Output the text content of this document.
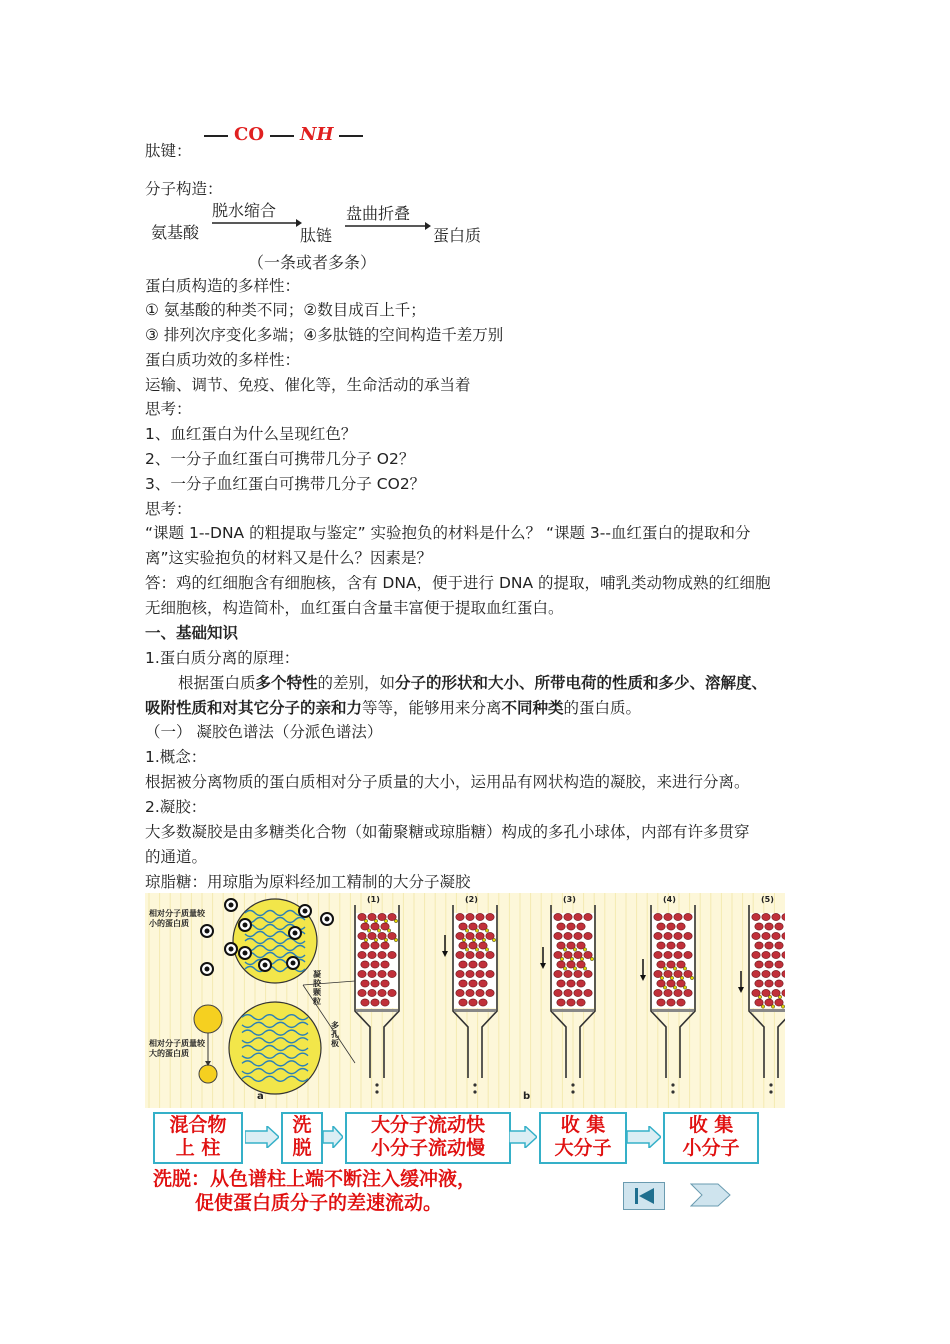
肽键：
CO NH
分子构造：
氨基酸
脱水缩合
肽链
盘曲折叠
蛋白质
（一条或者多条）
蛋白质构造的多样性：
① 氨基酸的种类不同；②数目成百上千；
③ 排列次序变化多端；④多肽链的空间构造千差万别
蛋白质功效的多样性：
运输、调节、免疫、催化等，生命活动的承当着
思考：
1、血红蛋白为什么呈现红色？
2、一分子血红蛋白可携带几分子 O2？
3、一分子血红蛋白可携带几分子 CO2？
思考：
“课题 1--DNA 的粗提取与鉴定” 实验抱负的材料是什么？ “课题 3--血红蛋白的提取和分
离”这实验抱负的材料又是什么？因素是？
答：鸡的红细胞含有细胞核，含有 DNA，便于进行 DNA 的提取，哺乳类动物成熟的红细胞
无细胞核，构造简朴，血红蛋白含量丰富便于提取血红蛋白。
一、基础知识
1.蛋白质分离的原理：
根据蛋白质多个特性的差别，如分子的形状和大小、所带电荷的性质和多少、溶解度、
吸附性质和对其它分子的亲和力等等，能够用来分离不同种类的蛋白质。
（一） 凝胶色谱法（分派色谱法）
1.概念：
根据被分离物质的蛋白质相对分子质量的大小，运用品有网状构造的凝胶，来进行分离。
2.凝胶：
大多数凝胶是由多糖类化合物（如葡聚糖或琼脂糖）构成的多孔小球体，内部有许多贯穿
的通道。
琼脂糖：用琼脂为原料经加工精制的大分子凝胶
相对分子质量较小的蛋白质
相对分子质量较大的蛋白质
凝胶颗粒
多孔板
a	b
(1)	(2)	(3)	(4)	(5)
混合物
上 柱
洗
脱
大分子流动快
小分子流动慢
收 集
大分子
收 集
小分子
洗脱：从色谱柱上端不断注入缓冲液，
促使蛋白质分子的差速流动。
